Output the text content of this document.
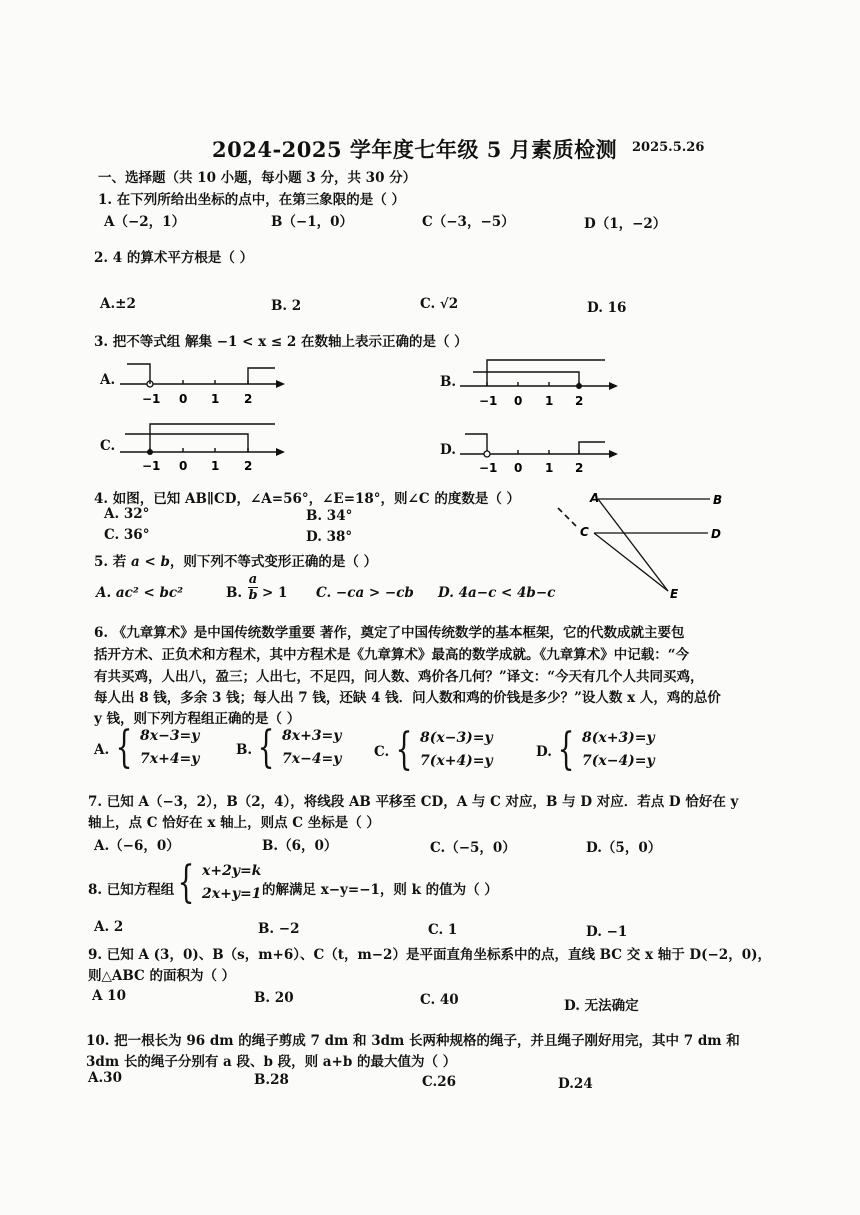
2024-2025 学年度七年级 5 月素质检测 2025.5.26
一、选择题（共 10 小题，每小题 3 分，共 30 分）
1. 在下列所给出坐标的点中，在第三象限的是（ ）
A（−2，1）	B（−1，0）	C（−3，−5）	D（1，−2）
2. 4 的算术平方根是（ ）
A.±2	B. 2	C. √2	D. 16
3. 把不等式组 解集 −1 < x ≤ 2 在数轴上表示正确的是（ ）
A.	B.
C.	D.
−1 0 1 2	−1 0 1 2
−1 0 1 2	−1 0 1 2
4. 如图，已知 AB∥CD，∠A=56°，∠E=18°，则∠C 的度数是（ ）
A. 32°	B. 34°
C. 36°	D. 38°
A	B
C	D
E
5. 若 a < b，则下列不等式变形正确的是（ ）
A. ac² < bc²	B.
a
b > 1 C. −ca > −cb D. 4a−c < 4b−c
6. 《九章算术》是中国传统数学重要 著作，奠定了中国传统数学的基本框架，它的代数成就主要包
括开方术、正负术和方程术，其中方程术是《九章算术》最高的数学成就。《九章算术》中记载：“今
有共买鸡，人出八，盈三；人出七，不足四，问人数、鸡价各几何？”译文：“今天有几个人共同买鸡，
每人出 8 钱，多余 3 钱；每人出 7 钱，还缺 4 钱．问人数和鸡的价钱是多少？”设人数 x 人，鸡的总价
y 钱，则下列方程组正确的是（ ）
A. { 8x−3=y
7x+4=y
B. { 8x+3=y
7x−4=y C. { 8(x−3)=y
7(x+4)=y
D. { 8(x+3)=y
7(x−4)=y
7. 已知 A（−3，2），B（2，4），将线段 AB 平移至 CD，A 与 C 对应，B 与 D 对应．若点 D 恰好在 y
轴上，点 C 恰好在 x 轴上，则点 C 坐标是（ ）
A.（−6，0）	B.（6，0）	C.（−5，0）	D.（5，0）
8. 已知方程组 { x+2y=k
2x+y=1 的解满足 x−y=−1，则 k 的值为（ ）
A. 2	B. −2	C. 1	D. −1
9. 已知 A (3，0)、B（s，m+6）、C（t，m−2）是平面直角坐标系中的点，直线 BC 交 x 轴于 D(−2，0)，
则△ABC 的面积为（ ）
A 10	B. 20	C. 40	D. 无法确定
10. 把一根长为 96 dm 的绳子剪成 7 dm 和 3dm 长两种规格的绳子，并且绳子刚好用完，其中 7 dm 和
3dm 长的绳子分别有 a 段、b 段，则 a+b 的最大值为（ ）
A.30	B.28	C.26	D.24
